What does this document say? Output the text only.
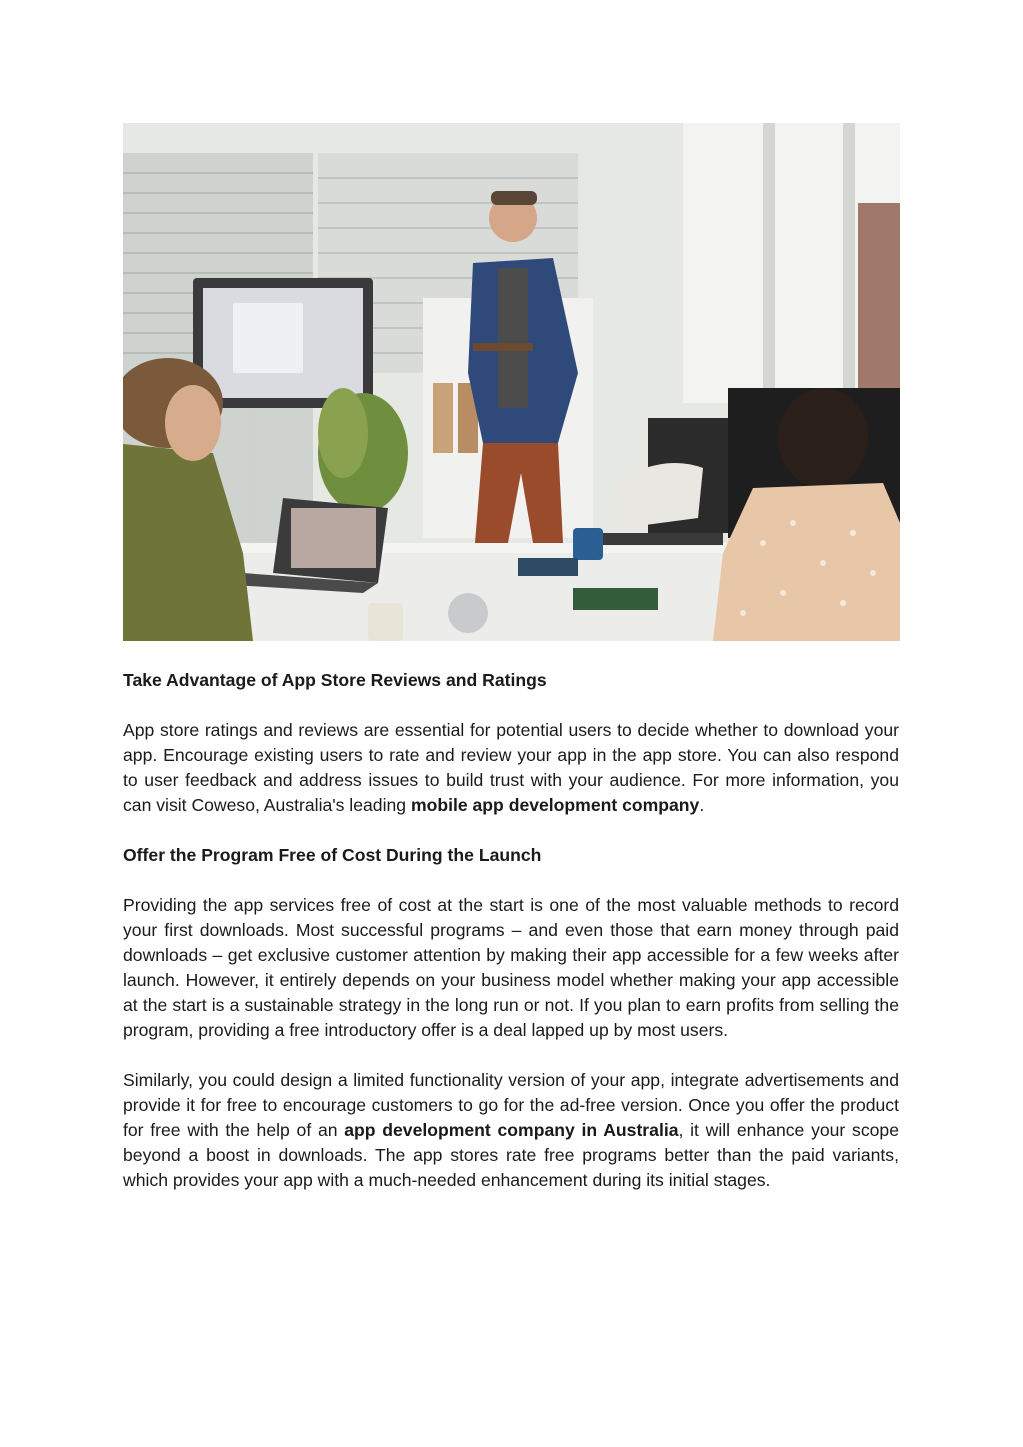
Take Advantage of App Store Reviews and Ratings

App store ratings and reviews are essential for potential users to decide whether to download your app. Encourage existing users to rate and review your app in the app store. You can also respond to user feedback and address issues to build trust with your audience. For more information, you can visit Coweso, Australia's leading mobile app development company.

Offer the Program Free of Cost During the Launch

Providing the app services free of cost at the start is one of the most valuable methods to record your first downloads. Most successful programs – and even those that earn money through paid downloads – get exclusive customer attention by making their app accessible for a few weeks after launch. However, it entirely depends on your business model whether making your app accessible at the start is a sustainable strategy in the long run or not. If you plan to earn profits from selling the program, providing a free introductory offer is a deal lapped up by most users.

Similarly, you could design a limited functionality version of your app, integrate advertisements and provide it for free to encourage customers to go for the ad-free version. Once you offer the product for free with the help of an app development company in Australia, it will enhance your scope beyond a boost in downloads. The app stores rate free programs better than the paid variants, which provides your app with a much-needed enhancement during its initial stages.
